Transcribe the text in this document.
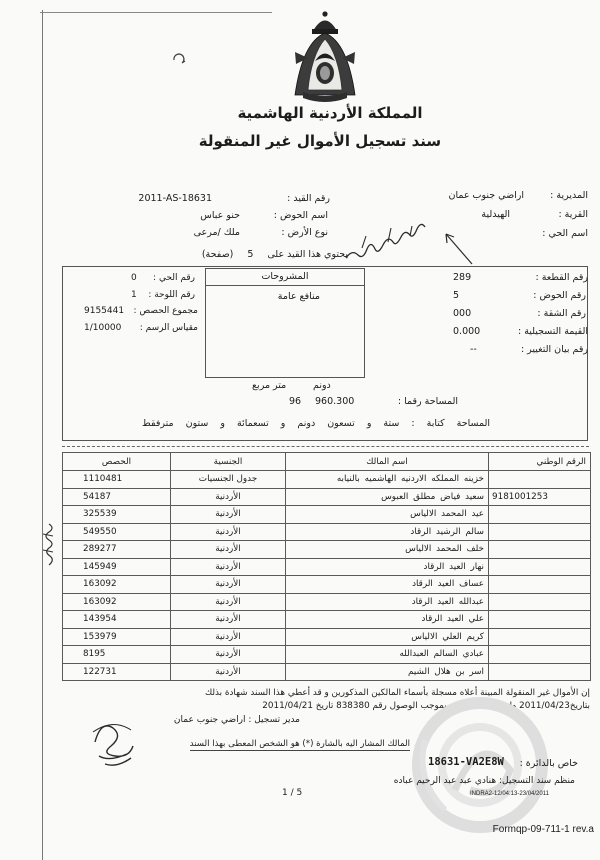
المملكة الأردنية الهاشمية
سند تسجيل الأموال غير المنقولة
المديرية :
اراضي جنوب عمان
القرية :
الهيدلية
اسم الحي :
رقم القيد :
2011-AS-18631
اسم الحوض :
حنو عباس
نوع الأرض :
ملك /مرعى
يحتوي هذا القيد على5(صفحة)
رقم القطعة :
289
رقم الحوض :
5
رقم الشقة :
000
القيمة التسجيلية :
0.000
رقم بيان التغيير :
--
رقم الحي :
0
رقم اللوحة :
1
مجموع الحصص :
9155441
مقياس الرسم :
1/10000
المشروحات
منافع عامة
متر مربع	دونم
المساحة رقما :
960.300
96
المساحة كتابة : ستة و تسعون دونم و تسعمائة و ستون مترفقط
الرقم الوطني	اسم المالك	الجنسية	الحصص
	خزينه المملكه الاردنيه الهاشميه بالنيابه	جدول الجنسيات	1110481
9181001253	سعيد فياض مطلق العبوس	الأردنية	54187
	عيد المحمد الالياس	الأردنية	325539
	سالم الرشيد الرقاد	الأردنية	549550
	خلف المحمد الالياس	الأردنية	289277
	نهار العيد الرقاد	الأردنية	145949
	عساف العيد الرقاد	الأردنية	163092
	عبدالله العيد الرقاد	الأردنية	163092
	علي العيد الرقاد	الأردنية	143954
	كريم العلي الالياس	الأردنية	153979
	عبادي السالم العبدالله	الأردنية	8195
	اسر بن هلال الشيم	الأردنية	122731
إن الأموال غير المنقولة المبينة أعلاه مسجلة بأسماء المالكين المذكورين و قد أعطي هذا السند شهادة بذلك
بتاريخ2011/04/23 واستوفيت الرسوم بموجب الوصول رقم 838380 تاريخ 2011/04/21
مدير تسجيل : اراضي جنوب عمان
*
المالك المشار اليه بالشارة (*) هو الشخص المعطى بهذا السند
خاص بالدائرة :
18631-VA2E8W
منظم سند التسجيل: هنادي عبد عبد الرحيم عباده
1 / 5	INDRA2-12/04:13-23/04/2011
Formqp-09-711-1 rev.a
